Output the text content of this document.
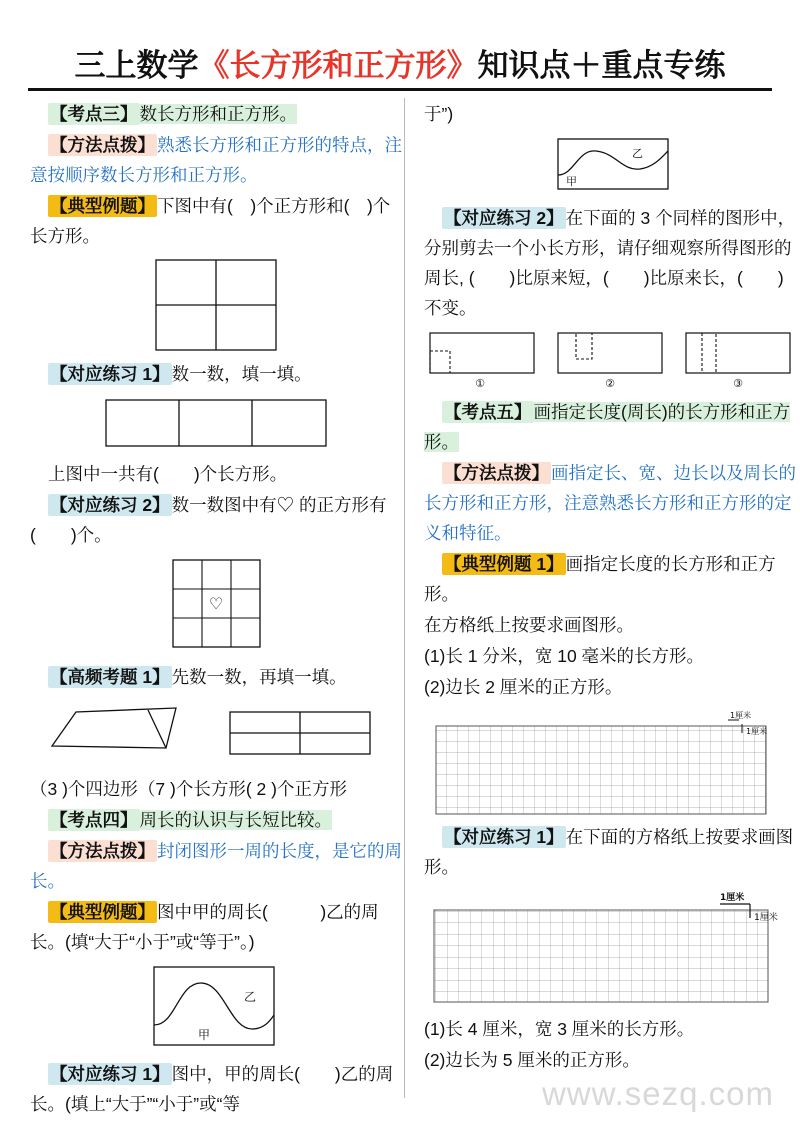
三上数学《长方形和正方形》知识点＋重点专练

【考点三】 数长方形和正方形。

【方法点拨】 熟悉长方形和正方形的特点，注意按顺序数长方形和正方形。

【典型例题】 下图中有(　)个正方形和(　)个长方形。

【对应练习 1】 数一数，填一填。

上图中一共有(　　)个长方形。

【对应练习 2】 数一数图中有♡ 的正方形有(　　)个。

♡

【高频考题 1】 先数一数，再填一填。

（3 )个四边形（7 )个长方形( 2 )个正方形

【考点四】 周长的认识与长短比较。

【方法点拨】 封闭图形一周的长度，是它的周长。

【典型例题】 图中甲的周长(　　　)乙的周长。(填“大于“小于”或“等于”。)

乙
甲

【对应练习 1】 图中，甲的周长(　　)乙的周长。(填上“大于”“小于”或“等

于”)

乙
甲

【对应练习 2】 在下面的 3 个同样的图形中，分别剪去一个小长方形，请仔细观察所得图形的周长, (　　)比原来短，(　　)比原来长，(　　)不变。

①	②	③

【考点五】 画指定长度(周长)的长方形和正方形。

【方法点拨】 画指定长、宽、边长以及周长的长方形和正方形，注意熟悉长方形和正方形的定义和特征。

【典型例题 1】 画指定长度的长方形和正方形。

在方格纸上按要求画图形。

(1)长 1 分米，宽 10 毫米的长方形。

(2)边长 2 厘米的正方形。

1厘米
1厘米

【对应练习 1】 在下面的方格纸上按要求画图形。

1厘米
1厘米

(1)长 4 厘米，宽 3 厘米的长方形。

(2)边长为 5 厘米的正方形。

www.sezq.com
